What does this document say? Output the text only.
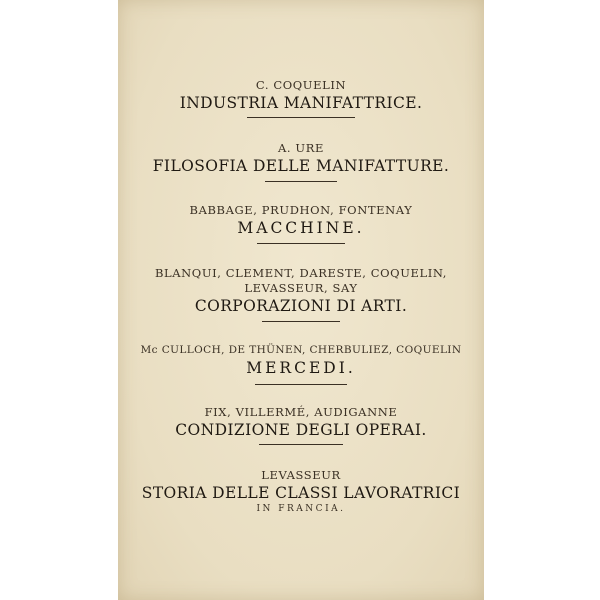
C. COQUELIN
INDUSTRIA MANIFATTRICE.
A. URE
FILOSOFIA DELLE MANIFATTURE.
BABBAGE, PRUDHON, FONTENAY
MACCHINE.
BLANQUI, CLEMENT, DARESTE, COQUELIN,
LEVASSEUR, SAY
CORPORAZIONI DI ARTI.
Mc CULLOCH, DE THÜNEN, CHERBULIEZ, COQUELIN
MERCEDI.
FIX, VILLERMÉ, AUDIGANNE
CONDIZIONE DEGLI OPERAI.
LEVASSEUR
STORIA DELLE CLASSI LAVORATRICI
IN FRANCIA.
